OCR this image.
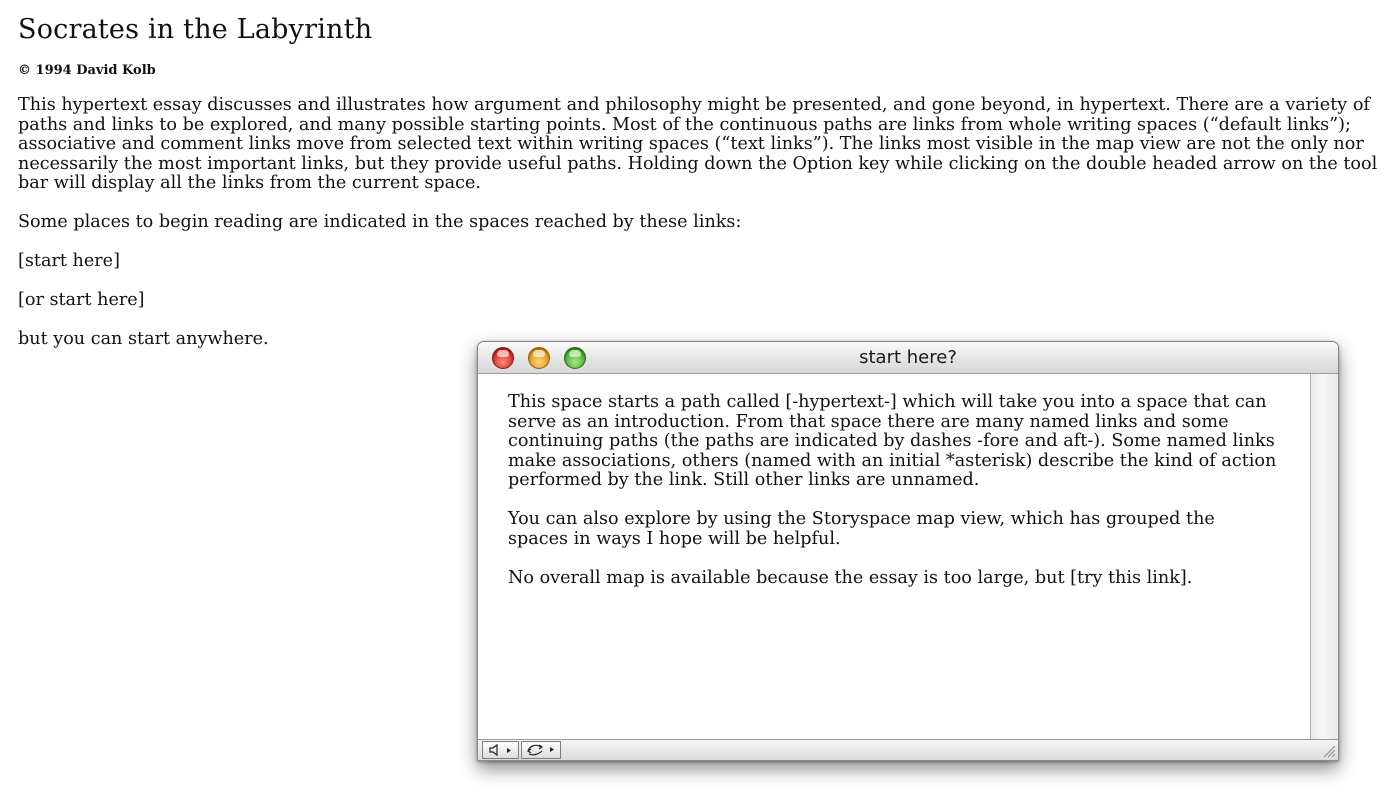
Socrates in the Labyrinth
© 1994 David Kolb

This hypertext essay discusses and illustrates how argument and philosophy might be presented, and gone beyond, in hypertext. There are a variety of paths and links to be explored, and many possible starting points. Most of the continuous paths are links from whole writing spaces (“default links”); associative and comment links move from selected text within writing spaces (“text links”). The links most visible in the map view are not the only nor necessarily the most important links, but they provide useful paths. Holding down the Option key while clicking on the double headed arrow on the tool bar will display all the links from the current space.

Some places to begin reading are indicated in the spaces reached by these links:

[start here]

[or start here]

but you can start anywhere.

start here?

This space starts a path called [-hypertext-] which will take you into a space that can serve as an introduction. From that space there are many named links and some continuing paths (the paths are indicated by dashes -fore and aft-). Some named links make associations, others (named with an initial *asterisk) describe the kind of action performed by the link. Still other links are unnamed.

You can also explore by using the Storyspace map view, which has grouped the spaces in ways I hope will be helpful.

No overall map is available because the essay is too large, but [try this link].
